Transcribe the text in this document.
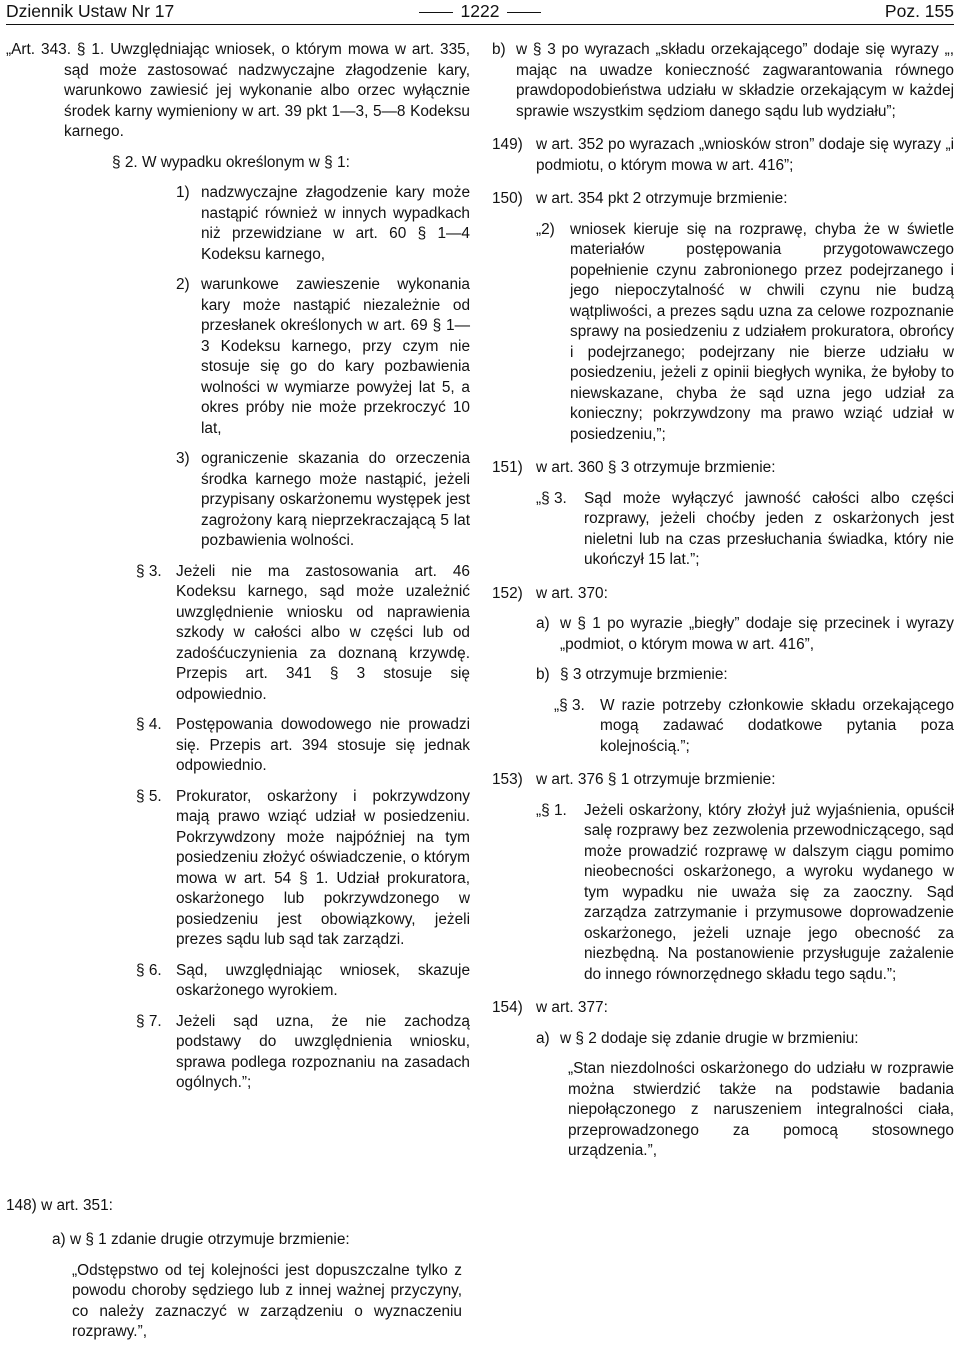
Dziennik Ustaw Nr 17	1222	Poz. 155

„Art. 343. § 1. Uwzględniając wniosek, o którym mowa w art. 335, sąd może zastosować nadzwyczajne złagodzenie kary, warunkowo zawiesić jej wykonanie albo orzec wyłącznie środek karny wymieniony w art. 39 pkt 1—3, 5—8 Kodeksu karnego.

§ 2. W wypadku określonym w § 1:
1) nadzwyczajne złagodzenie kary może nastąpić również w innych wypadkach niż przewidziane w art. 60 § 1—4 Kodeksu karnego,
2) warunkowe zawieszenie wykonania kary może nastąpić niezależnie od przesłanek określonych w art. 69 § 1—3 Kodeksu karnego, przy czym nie stosuje się go do kary pozbawienia wolności w wymiarze powyżej lat 5, a okres próby nie może przekroczyć 10 lat,
3) ograniczenie skazania do orzeczenia środka karnego może nastąpić, jeżeli przypisany oskarżonemu występek jest zagrożony karą nieprzekraczającą 5 lat pozbawienia wolności.
§ 3. Jeżeli nie ma zastosowania art. 46 Kodeksu karnego, sąd może uzależnić uwzględnienie wniosku od naprawienia szkody w całości albo w części lub od zadośćuczynienia za doznaną krzywdę. Przepis art. 341 § 3 stosuje się odpowiednio.
§ 4. Postępowania dowodowego nie prowadzi się. Przepis art. 394 stosuje się jednak odpowiednio.
§ 5. Prokurator, oskarżony i pokrzywdzony mają prawo wziąć udział w posiedzeniu. Pokrzywdzony może najpóźniej na tym posiedzeniu złożyć oświadczenie, o którym mowa w art. 54 § 1. Udział prokuratora, oskarżonego lub pokrzywdzonego w posiedzeniu jest obowiązkowy, jeżeli prezes sądu lub sąd tak zarządzi.
§ 6. Sąd, uwzględniając wniosek, skazuje oskarżonego wyrokiem.
§ 7. Jeżeli sąd uzna, że nie zachodzą podstawy do uwzględnienia wniosku, sprawa podlega rozpoznaniu na zasadach ogólnych.”;

148) w art. 351:

a) w § 1 zdanie drugie otrzymuje brzmienie:

„Odstępstwo od tej kolejności jest dopuszczalne tylko z powodu choroby sędziego lub z innej ważnej przyczyny, co należy zaznaczyć w zarządzeniu o wyznaczeniu rozprawy.”,

b) w § 3 po wyrazach „składu orzekającego” dodaje się wyrazy „, mając na uwadze konieczność zagwarantowania równego prawdopodobieństwa udziału w składzie orzekającym w każdej sprawie wszystkim sędziom danego sądu lub wydziału”;
149) w art. 352 po wyrazach „wniosków stron” dodaje się wyrazy „i podmiotu, o którym mowa w art. 416”;
150) w art. 354 pkt 2 otrzymuje brzmienie:
„2) wniosek kieruje się na rozprawę, chyba że w świetle materiałów postępowania przygotowawczego popełnienie czynu zabronionego przez podejrzanego i jego niepoczytalność w chwili czynu nie budzą wątpliwości, a prezes sądu uzna za celowe rozpoznanie sprawy na posiedzeniu z udziałem prokuratora, obrońcy i podejrzanego; podejrzany nie bierze udziału w posiedzeniu, jeżeli z opinii biegłych wynika, że byłoby to niewskazane, chyba że sąd uzna jego udział za konieczny; pokrzywdzony ma prawo wziąć udział w posiedzeniu,”;
151) w art. 360 § 3 otrzymuje brzmienie:
„§ 3. Sąd może wyłączyć jawność całości albo części rozprawy, jeżeli choćby jeden z oskarżonych jest nieletni lub na czas przesłuchania świadka, który nie ukończył 15 lat.”;
152) w art. 370:
a) w § 1 po wyrazie „biegły” dodaje się przecinek i wyrazy „podmiot, o którym mowa w art. 416”,
b) § 3 otrzymuje brzmienie:
„§ 3. W razie potrzeby członkowie składu orzekającego mogą zadawać dodatkowe pytania poza kolejnością.”;
153) w art. 376 § 1 otrzymuje brzmienie:
„§ 1. Jeżeli oskarżony, który złożył już wyjaśnienia, opuścił salę rozprawy bez zezwolenia przewodniczącego, sąd może prowadzić rozprawę w dalszym ciągu pomimo nieobecności oskarżonego, a wyroku wydanego w tym wypadku nie uważa się za zaoczny. Sąd zarządza zatrzymanie i przymusowe doprowadzenie oskarżonego, jeżeli uznaje jego obecność za niezbędną. Na postanowienie przysługuje zażalenie do innego równorzędnego składu tego sądu.”;
154) w art. 377:
a) w § 2 dodaje się zdanie drugie w brzmieniu:

„Stan niezdolności oskarżonego do udziału w rozprawie można stwierdzić także na podstawie badania niepołączonego z naruszeniem integralności ciała, przeprowadzonego za pomocą stosownego urządzenia.”,
